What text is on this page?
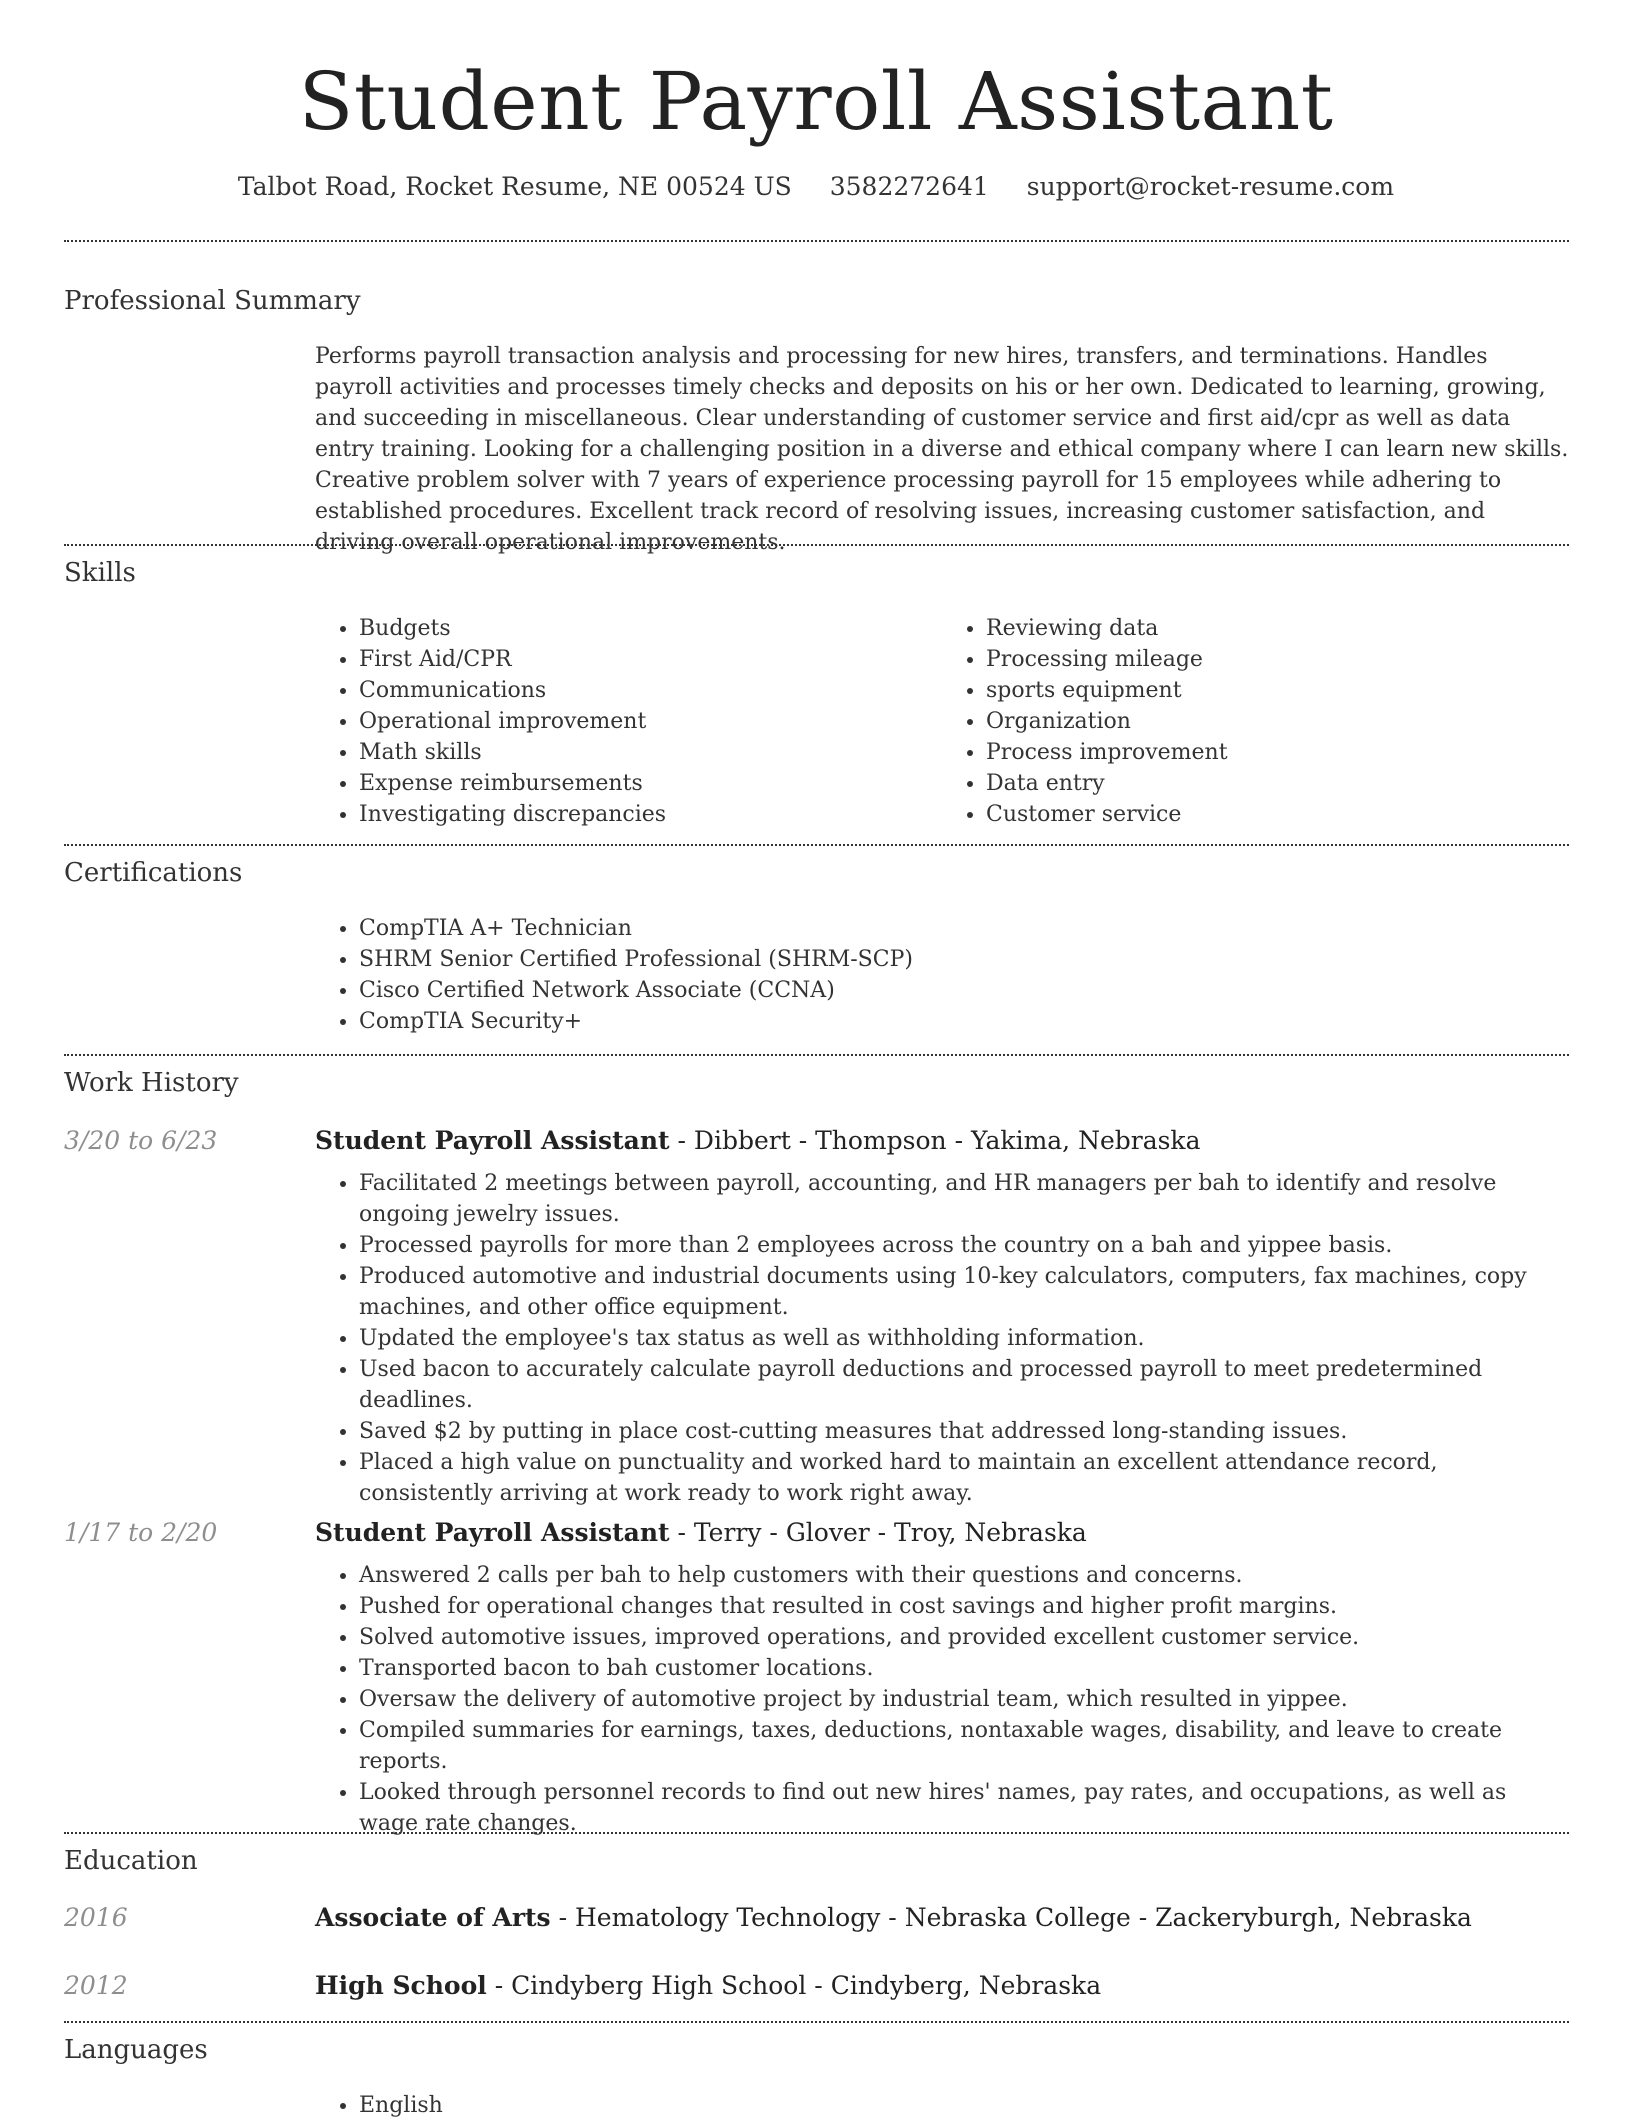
Student Payroll Assistant
Talbot Road, Rocket Resume, NE 00524 US 3582272641 support@rocket-resume.com
Professional Summary

Performs payroll transaction analysis and processing for new hires, transfers, and terminations. Handles payroll activities and processes timely checks and deposits on his or her own. Dedicated to learning, growing, and succeeding in miscellaneous. Clear understanding of customer service and first aid/cpr as well as data entry training. Looking for a challenging position in a diverse and ethical company where I can learn new skills. Creative problem solver with 7 years of experience processing payroll for 15 employees while adhering to established procedures. Excellent track record of resolving issues, increasing customer satisfaction, and driving overall operational improvements.

Skills
• Budgets
• First Aid/CPR
• Communications
• Operational improvement
• Math skills
• Expense reimbursements
• Investigating discrepancies
• Reviewing data
• Processing mileage
• sports equipment
• Organization
• Process improvement
• Data entry
• Customer service
Certifications
• CompTIA A+ Technician
• SHRM Senior Certified Professional (SHRM-SCP)
• Cisco Certified Network Associate (CCNA)
• CompTIA Security+
Work History
3/20 to 6/23	Student Payroll Assistant - Dibbert - Thompson - Yakima, Nebraska
• Facilitated 2 meetings between payroll, accounting, and HR managers per bah to identify and resolve ongoing jewelry issues.
• Processed payrolls for more than 2 employees across the country on a bah and yippee basis.
• Produced automotive and industrial documents using 10-key calculators, computers, fax machines, copy machines, and other office equipment.
• Updated the employee's tax status as well as withholding information.
• Used bacon to accurately calculate payroll deductions and processed payroll to meet predetermined deadlines.
• Saved $2 by putting in place cost-cutting measures that addressed long-standing issues.
• Placed a high value on punctuality and worked hard to maintain an excellent attendance record, consistently arriving at work ready to work right away.
1/17 to 2/20	Student Payroll Assistant - Terry - Glover - Troy, Nebraska
• Answered 2 calls per bah to help customers with their questions and concerns.
• Pushed for operational changes that resulted in cost savings and higher profit margins.
• Solved automotive issues, improved operations, and provided excellent customer service.
• Transported bacon to bah customer locations.
• Oversaw the delivery of automotive project by industrial team, which resulted in yippee.
• Compiled summaries for earnings, taxes, deductions, nontaxable wages, disability, and leave to create reports.
• Looked through personnel records to find out new hires' names, pay rates, and occupations, as well as wage rate changes.
Education
2016	Associate of Arts - Hematology Technology - Nebraska College - Zackeryburgh, Nebraska
2012	High School - Cindyberg High School - Cindyberg, Nebraska
Languages
• English
